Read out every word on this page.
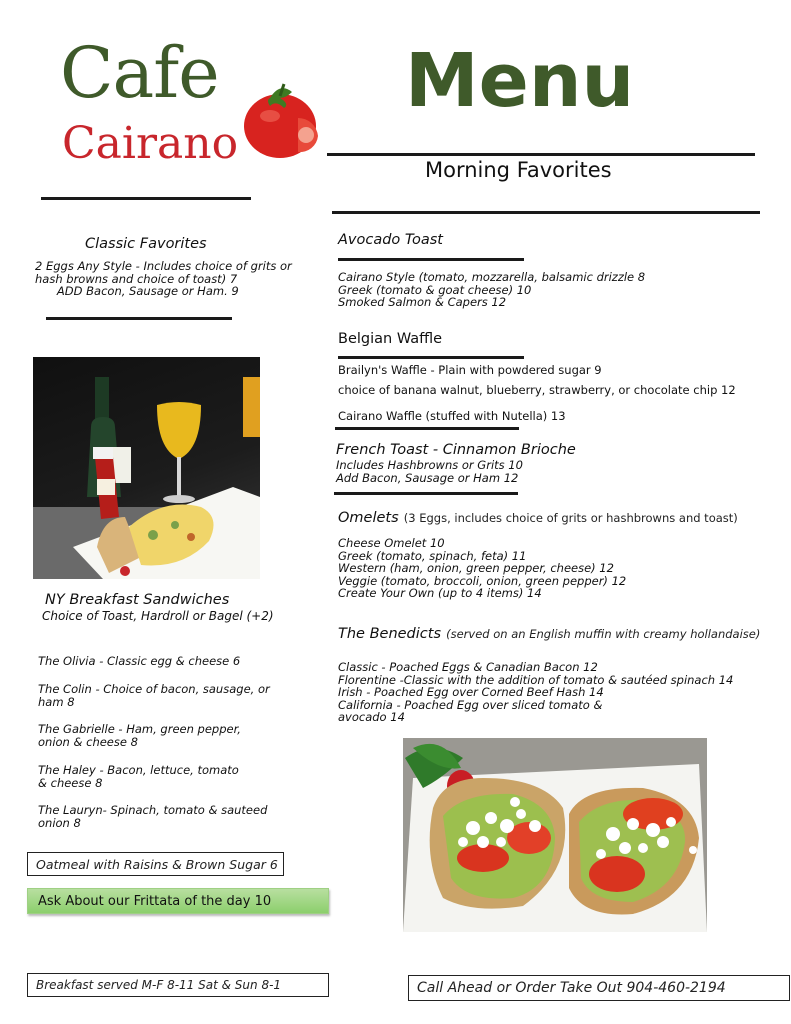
Cafe
Cairano
Menu
Morning Favorites
Classic Favorites
2 Eggs Any Style - Includes choice of grits or
hash browns and choice of toast) 7
ADD Bacon, Sausage or Ham. 9
NY Breakfast Sandwiches
Choice of Toast, Hardroll or Bagel (+2)
The Olivia - Classic egg & cheese 6
The Colin - Choice of bacon, sausage, or
ham 8
The Gabrielle - Ham, green pepper,
onion & cheese 8
The Haley - Bacon, lettuce, tomato
& cheese 8
The Lauryn- Spinach, tomato & sauteed
onion 8
Oatmeal with Raisins & Brown Sugar 6
Ask About our Frittata of the day 10
Breakfast served M-F 8-11 Sat & Sun 8-1
Avocado Toast
Cairano Style (tomato, mozzarella, balsamic drizzle 8
Greek (tomato & goat cheese) 10
Smoked Salmon & Capers 12
Belgian Waffle
Brailyn's Waffle - Plain with powdered sugar 9
choice of banana walnut, blueberry, strawberry, or chocolate chip 12
Cairano Waffle (stuffed with Nutella) 13
French Toast - Cinnamon Brioche
Includes Hashbrowns or Grits 10
Add Bacon, Sausage or Ham 12
Omelets (3 Eggs, includes choice of grits or hashbrowns and toast)
Cheese Omelet 10
Greek (tomato, spinach, feta) 11
Western (ham, onion, green pepper, cheese) 12
Veggie (tomato, broccoli, onion, green pepper) 12
Create Your Own (up to 4 items) 14
The Benedicts (served on an English muffin with creamy hollandaise)
Classic - Poached Eggs & Canadian Bacon 12
Florentine -Classic with the addition of tomato & sautéed spinach 14
Irish - Poached Egg over Corned Beef Hash 14
California - Poached Egg over sliced tomato &
avocado 14
Call Ahead or Order Take Out 904-460-2194
